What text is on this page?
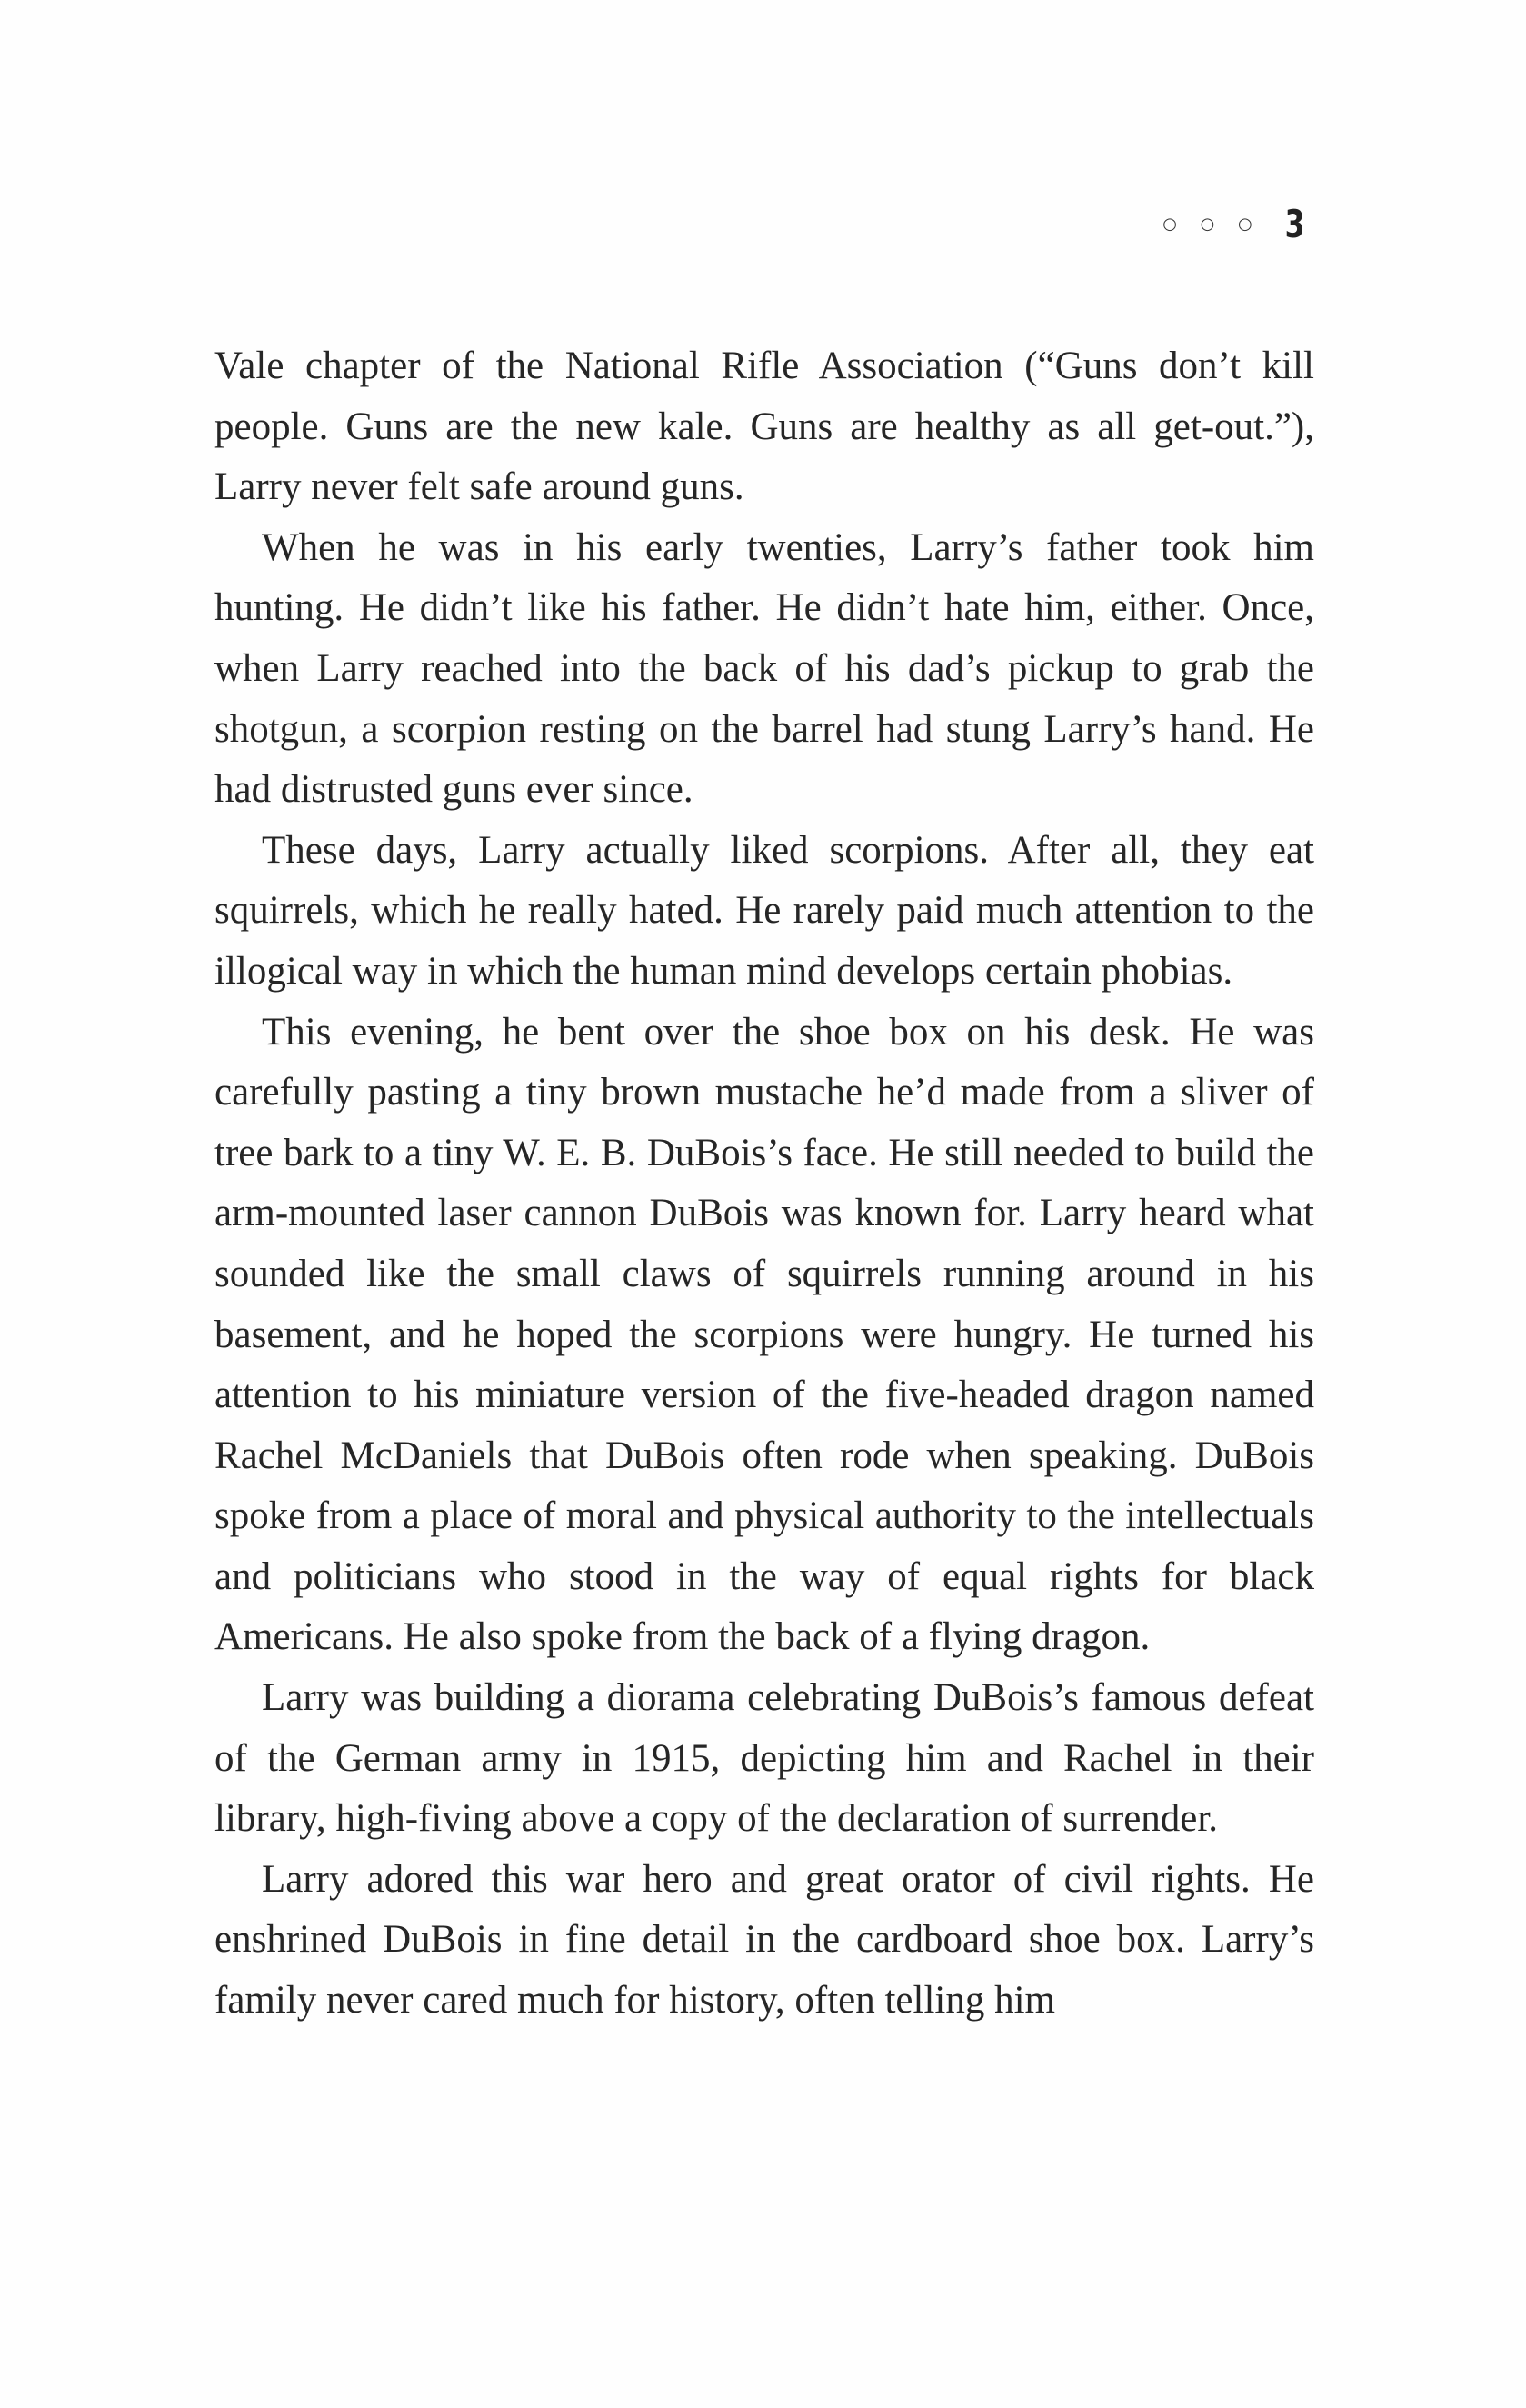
○ ○ ○ 3

Vale chapter of the National Rifle Association (“Guns don’t kill people. Guns are the new kale. Guns are healthy as all get-out.”), Larry never felt safe around guns.

When he was in his early twenties, Larry’s father took him hunting. He didn’t like his father. He didn’t hate him, either. Once, when Larry reached into the back of his dad’s pickup to grab the shotgun, a scorpion resting on the barrel had stung Larry’s hand. He had distrusted guns ever since.

These days, Larry actually liked scorpions. After all, they eat squirrels, which he really hated. He rarely paid much attention to the illogical way in which the human mind develops certain phobias.

This evening, he bent over the shoe box on his desk. He was carefully pasting a tiny brown mustache he’d made from a sliver of tree bark to a tiny W. E. B. DuBois’s face. He still needed to build the arm-mounted laser cannon DuBois was known for. Larry heard what sounded like the small claws of squirrels running around in his basement, and he hoped the scorpions were hungry. He turned his attention to his miniature version of the five-headed dragon named Rachel McDaniels that DuBois often rode when speaking. DuBois spoke from a place of moral and physical authority to the intellectuals and politicians who stood in the way of equal rights for black Americans. He also spoke from the back of a flying dragon.

Larry was building a diorama celebrating DuBois’s famous defeat of the German army in 1915, depicting him and Rachel in their library, high-fiving above a copy of the declaration of surrender.

Larry adored this war hero and great orator of civil rights. He enshrined DuBois in fine detail in the cardboard shoe box. Larry’s family never cared much for history, often telling him
